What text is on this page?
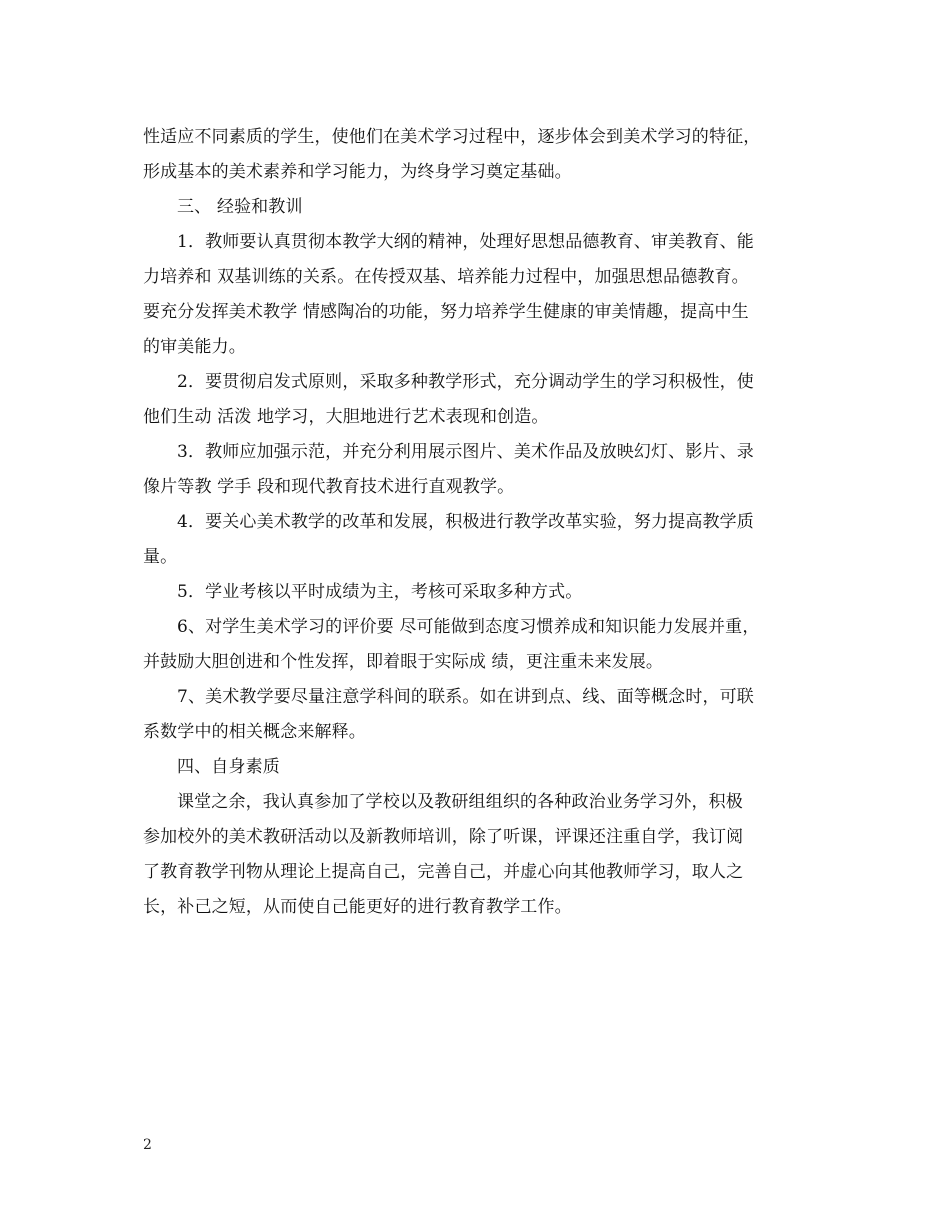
性适应不同素质的学生，使他们在美术学习过程中，逐步体会到美术学习的特征，
形成基本的美术素养和学习能力，为终身学习奠定基础。
三、 经验和教训
1．教师要认真贯彻本教学大纲的精神，处理好思想品德教育、审美教育、能
力培养和 双基训练的关系。在传授双基、培养能力过程中，加强思想品德教育。
要充分发挥美术教学 情感陶冶的功能，努力培养学生健康的审美情趣，提高中生
的审美能力。
2．要贯彻启发式原则，采取多种教学形式，充分调动学生的学习积极性，使
他们生动 活泼 地学习，大胆地进行艺术表现和创造。
3．教师应加强示范，并充分利用展示图片、美术作品及放映幻灯、影片、录
像片等教 学手 段和现代教育技术进行直观教学。
4．要关心美术教学的改革和发展，积极进行教学改革实验，努力提高教学质
量。
5．学业考核以平时成绩为主，考核可采取多种方式。
6、对学生美术学习的评价要 尽可能做到态度习惯养成和知识能力发展并重，
并鼓励大胆创进和个性发挥，即着眼于实际成 绩，更注重未来发展。
7、美术教学要尽量注意学科间的联系。如在讲到点、线、面等概念时，可联
系数学中的相关概念来解释。
四、自身素质
课堂之余，我认真参加了学校以及教研组组织的各种政治业务学习外，积极
参加校外的美术教研活动以及新教师培训，除了听课，评课还注重自学，我订阅
了教育教学刊物从理论上提高自己，完善自己，并虚心向其他教师学习，取人之
长，补己之短，从而使自己能更好的进行教育教学工作。
2
